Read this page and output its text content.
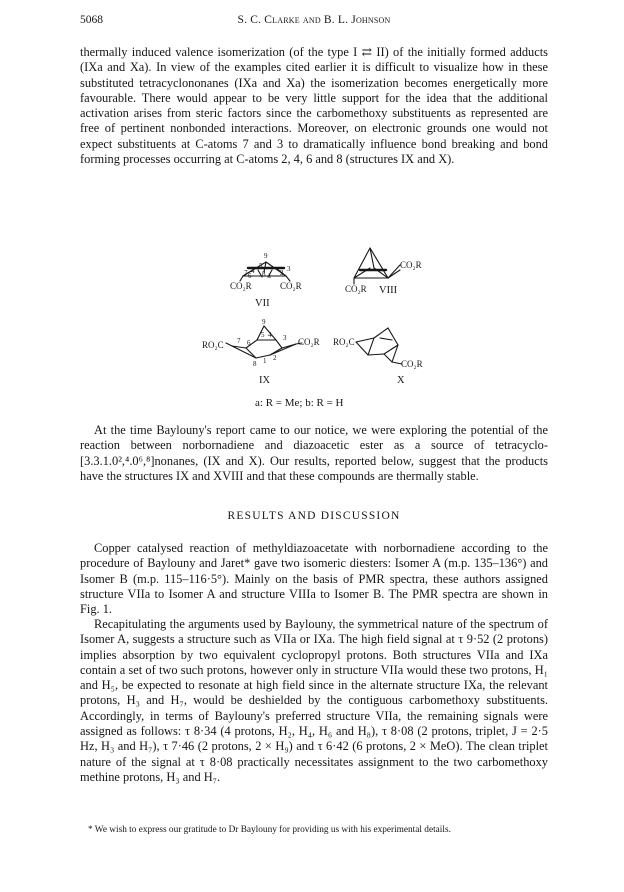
5068	S. C. Clarke and B. L. Johnson

thermally induced valence isomerization (of the type I ⇄ II) of the initially formed adducts (IXa and Xa). In view of the examples cited earlier it is difficult to visualize how in these substituted tetracyclononanes (IXa and Xa) the isomerization becomes energetically more favourable. There would appear to be very little support for the idea that the additional activation arises from steric factors since the carbomethoxy substituents as represented are free of pertinent nonbonded interactions. Moreover, on electronic grounds one would not expect substituents at C-atoms 7 and 3 to dramatically influence bond breaking and bond forming processes occurring at C-atoms 2, 4, 6 and 8 (structures IX and X).

9
5
4
6 8
7	1 2 3
CO₂R	CO₂R
VII
CO₂R
CO₂R VIII
9
5 4
6
8
7
1 2
3
RO₂C	CO₂R
IX
RO₂C
CO₂R
X
a: R = Me; b: R = H

At the time Baylouny's report came to our notice, we were exploring the potential of the reaction between norbornadiene and diazoacetic ester as a source of tetracyclo-[3.3.1.0²,⁴.0⁶,⁸]nonanes, (IX and X). Our results, reported below, suggest that the products have the structures IX and XVIII and that these compounds are thermally stable.

RESULTS AND DISCUSSION

Copper catalysed reaction of methyldiazoacetate with norbornadiene according to the procedure of Baylouny and Jaret* gave two isomeric diesters: Isomer A (m.p. 135–136°) and Isomer B (m.p. 115–116·5°). Mainly on the basis of PMR spectra, these authors assigned structure VIIa to Isomer A and structure VIIIa to Isomer B. The PMR spectra are shown in Fig. 1.

Recapitulating the arguments used by Baylouny, the symmetrical nature of the spectrum of Isomer A, suggests a structure such as VIIa or IXa. The high field signal at τ 9·52 (2 protons) implies absorption by two equivalent cyclopropyl protons. Both structures VIIa and IXa contain a set of two such protons, however only in structure VIIa would these two protons, H₁ and H₅, be expected to resonate at high field since in the alternate structure IXa, the relevant protons, H₃ and H₇, would be deshielded by the contiguous carbomethoxy substituents. Accordingly, in terms of Baylouny's preferred structure VIIa, the remaining signals were assigned as follows: τ 8·34 (4 protons, H₂, H₄, H₆ and H₈), τ 8·08 (2 protons, triplet, J = 2·5 Hz, H₃ and H₇), τ 7·46 (2 protons, 2 × H₉) and τ 6·42 (6 protons, 2 × MeO). The clean triplet nature of the signal at τ 8·08 practically necessitates assignment to the two carbomethoxy methine protons, H₃ and H₇.

* We wish to express our gratitude to Dr Baylouny for providing us with his experimental details.
